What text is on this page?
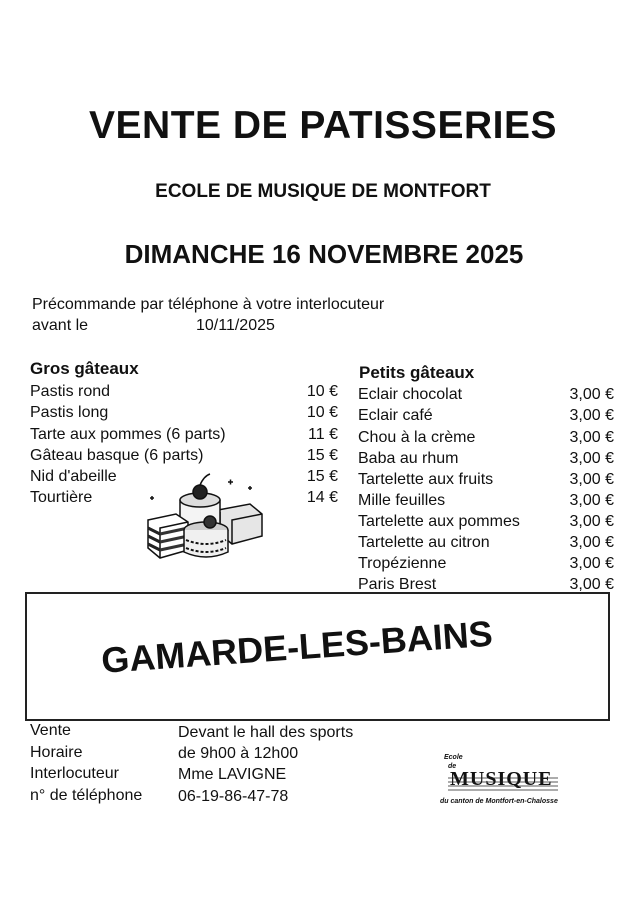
VENTE DE PATISSERIES
ECOLE DE MUSIQUE DE MONTFORT
DIMANCHE 16 NOVEMBRE 2025
Précommande par téléphone à votre interlocuteur
avant le	10/11/2025
Gros gâteaux
Pastis rond	10 €
Pastis long	10 €
Tarte aux pommes (6 parts)	11 €
Gâteau basque (6 parts)	15 €
Nid d'abeille	15 €
Tourtière	14 €
Petits gâteaux
Eclair chocolat	3,00 €
Eclair café	3,00 €
Chou à la crème	3,00 €
Baba au rhum	3,00 €
Tartelette aux fruits	3,00 €
Mille feuilles	3,00 €
Tartelette aux pommes	3,00 €
Tartelette au citron	3,00 €
Tropézienne	3,00 €
Paris Brest	3,00 €
GAMARDE-LES-BAINS
Vente	Devant le hall des sports
Horaire	de 9h00 à 12h00
Interlocuteur	Mme LAVIGNE
n° de téléphone 06-19-86-47-78
Ecole
de
MUSIQUE
du canton de Montfort-en-Chalosse
